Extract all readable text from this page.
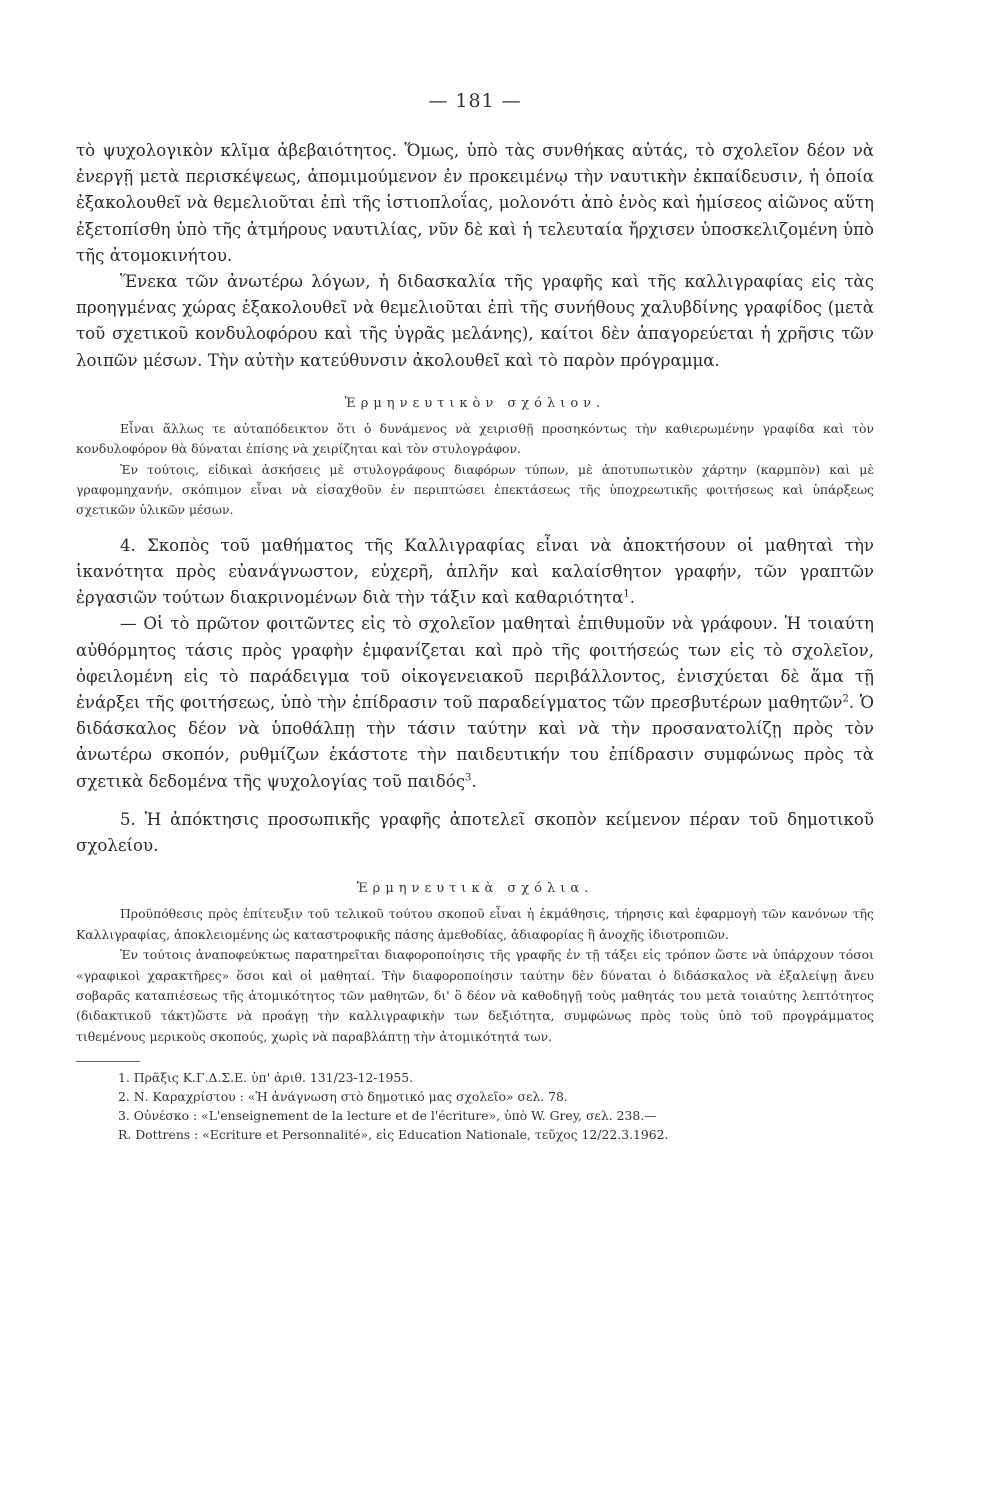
— 181 —

τὸ ψυχολογικὸν κλῖμα ἀβεβαιότητος. Ὅμως, ὑπὸ τὰς συνθήκας αὐτάς, τὸ σχολεῖον δέον νὰ ἐνεργῇ μετὰ περισκέψεως, ἀπομιμούμενον ἐν προκειμένῳ τὴν ναυτικὴν ἐκπαίδευσιν, ἡ ὁποία ἐξακολουθεῖ νὰ θεμελιοῦται ἐπὶ τῆς ἱστιοπλοΐας, μολονότι ἀπὸ ἑνὸς καὶ ἡμίσεος αἰῶνος αὕτη ἐξετοπίσθη ὑπὸ τῆς ἀτμήρους ναυτιλίας, νῦν δὲ καὶ ἡ τελευταία ἤρχισεν ὑποσκελιζομένη ὑπὸ τῆς ἀτομοκινήτου.

Ἕνεκα τῶν ἀνωτέρω λόγων, ἡ διδασκαλία τῆς γραφῆς καὶ τῆς καλλιγραφίας εἰς τὰς προηγμένας χώρας ἐξακολουθεῖ νὰ θεμελιοῦται ἐπὶ τῆς συνήθους χαλυβδίνης γραφίδος (μετὰ τοῦ σχετικοῦ κονδυλοφόρου καὶ τῆς ὑγρᾶς μελάνης), καίτοι δὲν ἀπαγορεύεται ἡ χρῆσις τῶν λοιπῶν μέσων. Τὴν αὐτὴν κατεύθυνσιν ἀκολουθεῖ καὶ τὸ παρὸν πρόγραμμα.

Ἑρμηνευτικὸν σχόλιον.

Εἶναι ἄλλως τε αὐταπόδεικτον ὅτι ὁ δυνάμενος νὰ χειρισθῇ προσηκόντως τὴν καθιερωμένην γραφίδα καὶ τὸν κονδυλοφόρον θὰ δύναται ἐπίσης νὰ χειρίζηται καὶ τὸν στυλογράφον.

Ἐν τούτοις, εἰδικαὶ ἀσκήσεις μὲ στυλογράφους διαφόρων τύπων, μὲ ἀποτυπωτικὸν χάρτην (καρμπὸν) καὶ μὲ γραφομηχανήν, σκόπιμον εἶναι νὰ εἰσαχθοῦν ἐν περιπτώσει ἐπεκτάσεως τῆς ὑποχρεωτικῆς φοιτήσεως καὶ ὑπάρξεως σχετικῶν ὑλικῶν μέσων.

4. Σκοπὸς τοῦ μαθήματος τῆς Καλλιγραφίας εἶναι νὰ ἀποκτήσουν οἱ μαθηταὶ τὴν ἱκανότητα πρὸς εὐανάγνωστον, εὐχερῆ, ἁπλῆν καὶ καλαίσθητον γραφήν, τῶν γραπτῶν ἐργασιῶν τούτων διακρινομένων διὰ τὴν τάξιν καὶ καθαριότητα$^1$.

— Οἱ τὸ πρῶτον φοιτῶντες εἰς τὸ σχολεῖον μαθηταὶ ἐπιθυμοῦν νὰ γράφουν. Ἡ τοιαύτη αὐθόρμητος τάσις πρὸς γραφὴν ἐμφανίζεται καὶ πρὸ τῆς φοιτήσεώς των εἰς τὸ σχολεῖον, ὀφειλομένη εἰς τὸ παράδειγμα τοῦ οἰκογενειακοῦ περιβάλλοντος, ἐνισχύεται δὲ ἅμα τῇ ἐνάρξει τῆς φοιτήσεως, ὑπὸ τὴν ἐπίδρασιν τοῦ παραδείγματος τῶν πρεσβυτέρων μαθητῶν$^2$. Ὁ διδάσκαλος δέον νὰ ὑποθάλπῃ τὴν τάσιν ταύτην καὶ νὰ τὴν προσανατολίζῃ πρὸς τὸν ἀνωτέρω σκοπόν, ρυθμίζων ἑκάστοτε τὴν παιδευτικήν του ἐπίδρασιν συμφώνως πρὸς τὰ σχετικὰ δεδομένα τῆς ψυχολογίας τοῦ παιδός$^3$.

5. Ἡ ἀπόκτησις προσωπικῆς γραφῆς ἀποτελεῖ σκοπὸν κείμενον πέραν τοῦ δημοτικοῦ σχολείου.

Ἑρμηνευτικὰ σχόλια.

Προϋπόθεσις πρὸς ἐπίτευξιν τοῦ τελικοῦ τούτου σκοποῦ εἶναι ἡ ἐκμάθησις, τήρησις καὶ ἐφαρμογὴ τῶν κανόνων τῆς Καλλιγραφίας, ἀποκλειομένης ὡς καταστροφικῆς πάσης ἀμεθοδίας, ἀδιαφορίας ἢ ἀνοχῆς ἰδιοτροπιῶν.

Ἐν τούτοις ἀναποφεύκτως παρατηρεῖται διαφοροποίησις τῆς γραφῆς ἐν τῇ τάξει εἰς τρόπον ὥστε νὰ ὑπάρχουν τόσοι «γραφικοὶ χαρακτῆρες» ὅσοι καὶ οἱ μαθηταί. Τὴν διαφοροποίησιν ταύτην δὲν δύναται ὁ διδάσκαλος νὰ ἐξαλείψῃ ἄνευ σοβαρᾶς καταπιέσεως τῆς ἀτομικότητος τῶν μαθητῶν, δι' ὃ δέον νὰ καθοδηγῇ τοὺς μαθητάς του μετὰ τοιαύτης λεπτότητος (διδακτικοῦ τάκτ)ὥστε νὰ προάγῃ τὴν καλλιγραφικὴν των δεξιότητα, συμφώνως πρὸς τοὺς ὑπὸ τοῦ προγράμματος τιθεμένους μερικοὺς σκοπούς, χωρὶς νὰ παραβλάπτῃ τὴν ἀτομικότητά των.

1. Πρᾶξις Κ.Γ.Δ.Σ.Ε. ὑπ' ἀριθ. 131/23-12-1955.
2. Ν. Καραχρίστου : «Ἡ ἀνάγνωση στὸ δημοτικό μας σχολεῖο» σελ. 78.
3. Οὐνέσκο : «L'enseignement de la lecture et de l'écriture», ὑπὸ W. Grey, σελ. 238.—
R. Dottrens : «Ecriture et Personnalité», εἰς Education Nationale, τεῦχος 12/22.3.1962.
